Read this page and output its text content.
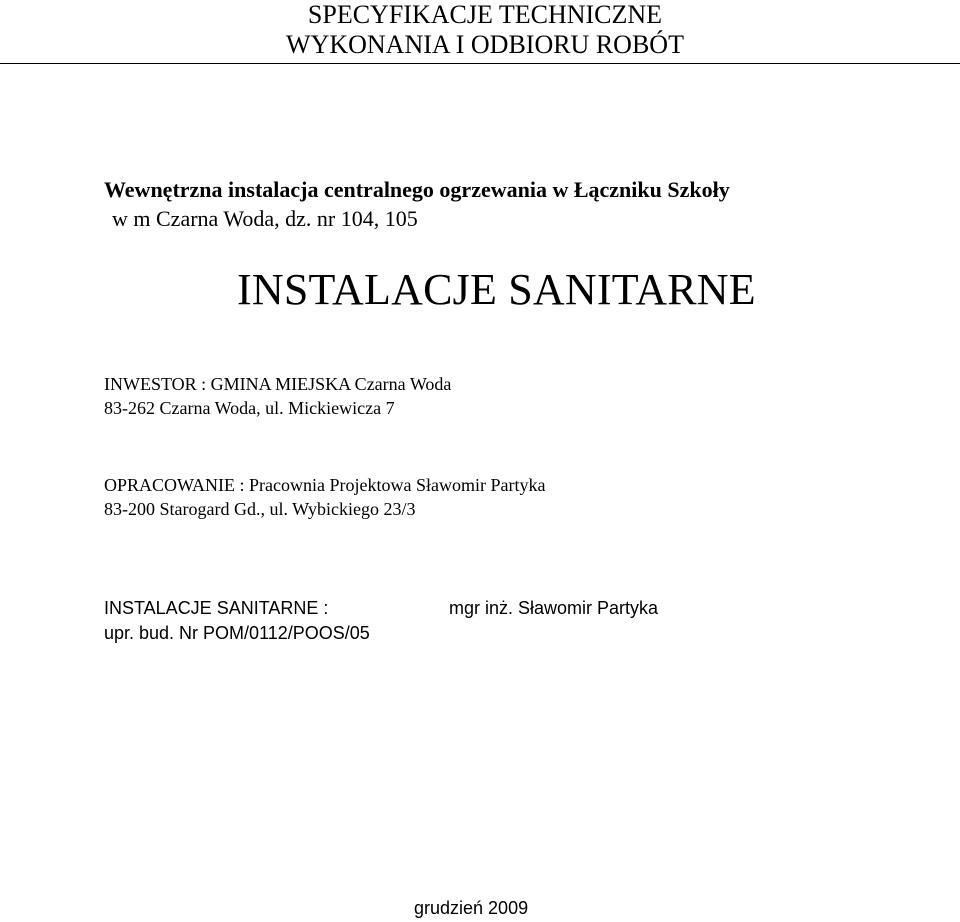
SPECYFIKACJE TECHNICZNE
WYKONANIA I ODBIORU ROBÓT
Wewnętrzna instalacja centralnego ogrzewania w Łączniku Szkoły
w m Czarna Woda, dz. nr 104, 105
INSTALACJE SANITARNE
INWESTOR : GMINA MIEJSKA Czarna Woda
83-262 Czarna Woda, ul. Mickiewicza 7
OPRACOWANIE : Pracownia Projektowa Sławomir Partyka
83-200 Starogard Gd., ul. Wybickiego 23/3
INSTALACJE SANITARNE :
upr. bud. Nr POM/0112/POOS/05
mgr inż. Sławomir Partyka
grudzień 2009
